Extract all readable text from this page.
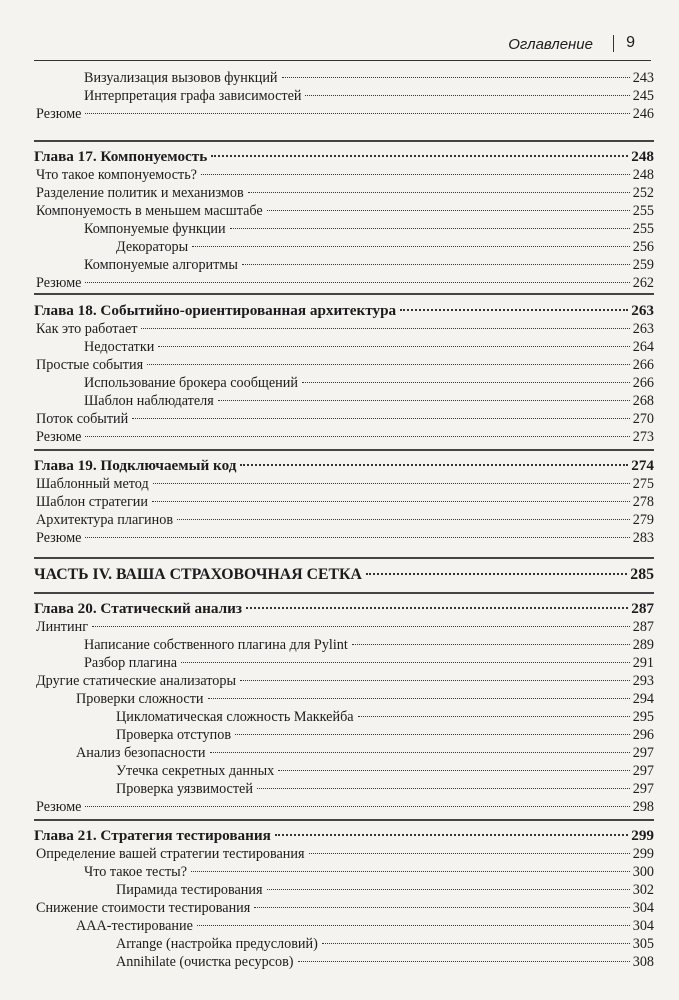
Оглавление 9
Визуализация вызовов функций	243
Интерпретация графа зависимостей	245
Резюме	246
Глава 17. Компонуемость	248
Что такое компонуемость?	248
Разделение политик и механизмов	252
Компонуемость в меньшем масштабе	255
Компонуемые функции	255
Декораторы	256
Компонуемые алгоритмы	259
Резюме	262
Глава 18. Событийно-ориентированная архитектура	263
Как это работает	263
Недостатки	264
Простые события	266
Использование брокера сообщений	266
Шаблон наблюдателя	268
Поток событий	270
Резюме	273
Глава 19. Подключаемый код	274
Шаблонный метод	275
Шаблон стратегии	278
Архитектура плагинов	279
Резюме	283
ЧАСТЬ IV. ВАША СТРАХОВОЧНАЯ СЕТКА	285
Глава 20. Статический анализ	287
Линтинг	287
Написание собственного плагина для Pylint	289
Разбор плагина	291
Другие статические анализаторы	293
Проверки сложности	294
Цикломатическая сложность Маккейба	295
Проверка отступов	296
Анализ безопасности	297
Утечка секретных данных	297
Проверка уязвимостей	297
Резюме	298
Глава 21. Стратегия тестирования	299
Определение вашей стратегии тестирования	299
Что такое тесты?	300
Пирамида тестирования	302
Снижение стоимости тестирования	304
AAA-тестирование	304
Arrange (настройка предусловий)	305
Annihilate (очистка ресурсов)	308
